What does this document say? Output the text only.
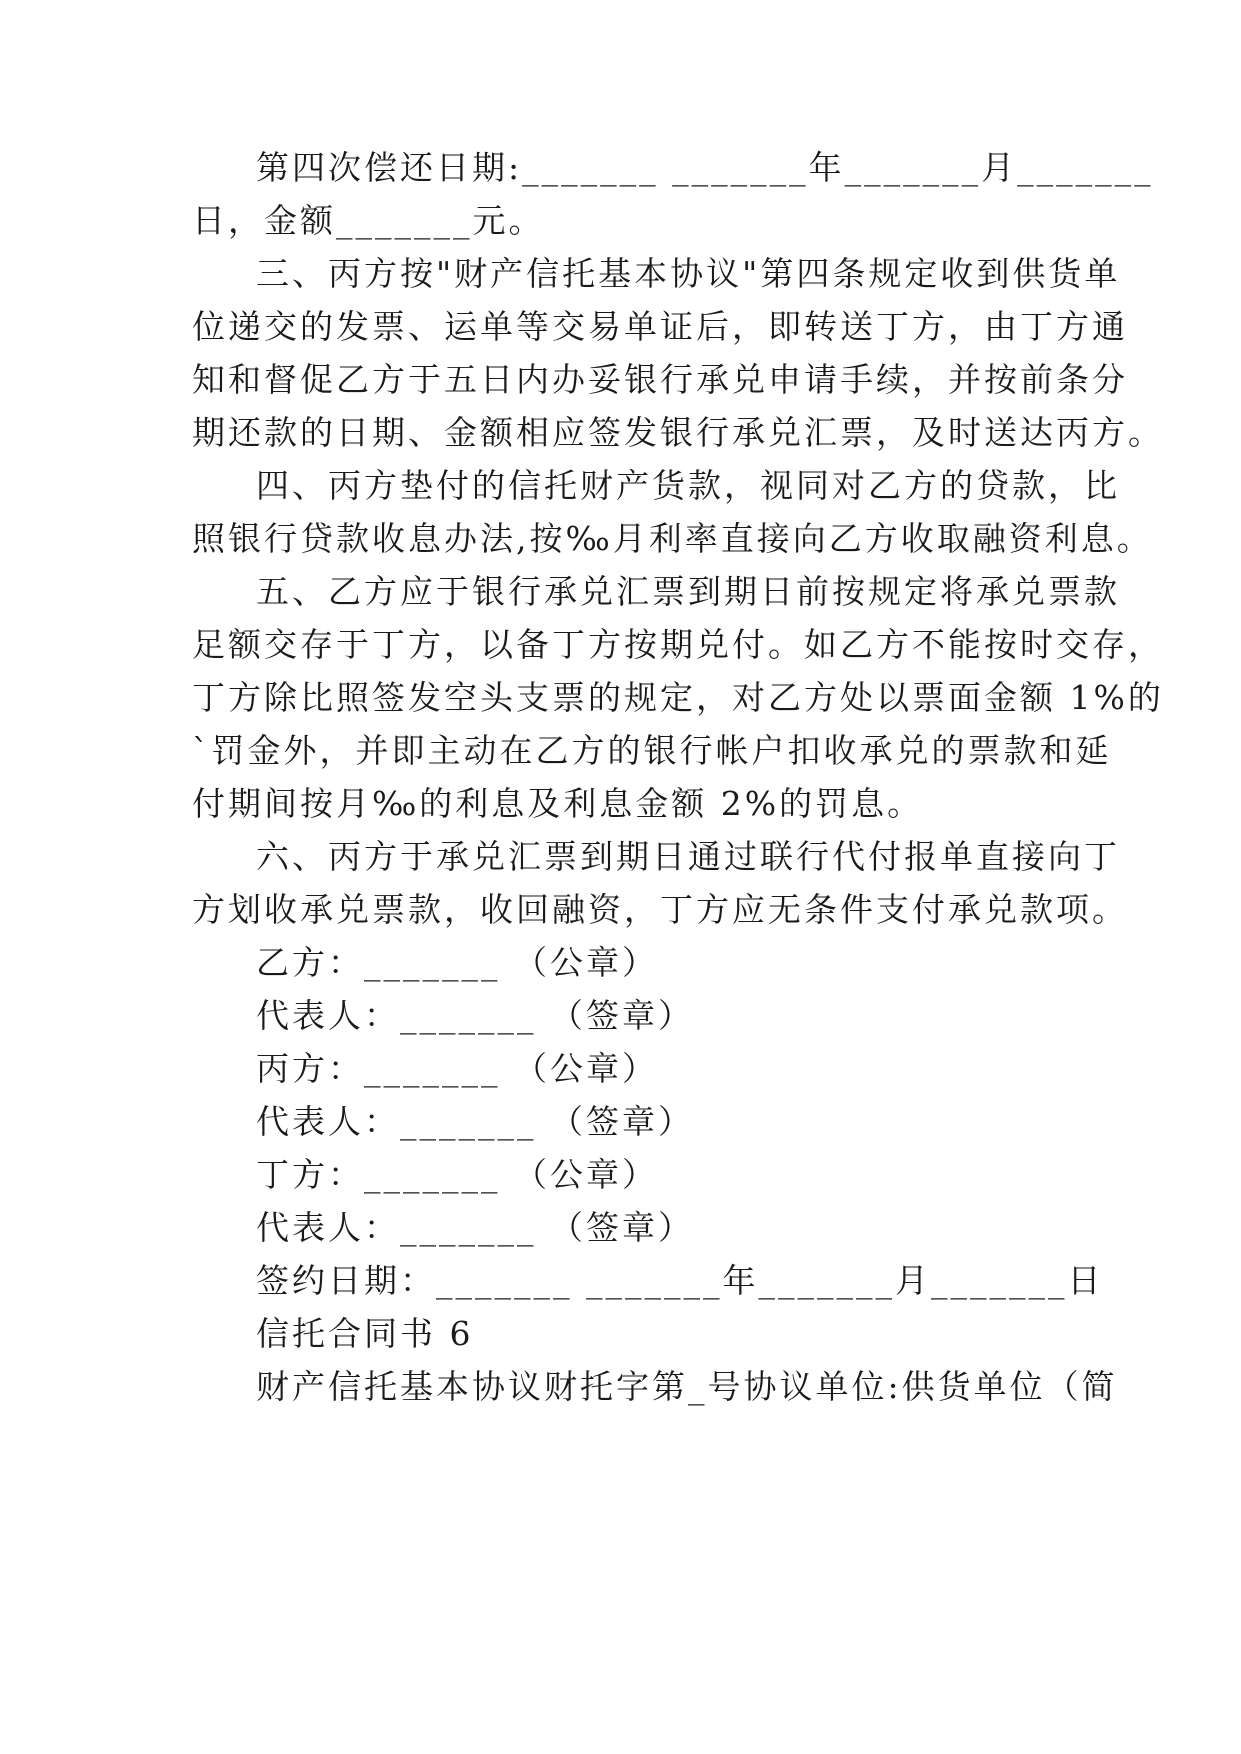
第四次偿还日期:_______ _______年_______月_______
日，金额_______元。
三、丙方按"财产信托基本协议"第四条规定收到供货单
位递交的发票、运单等交易单证后，即转送丁方，由丁方通
知和督促乙方于五日内办妥银行承兑申请手续，并按前条分
期还款的日期、金额相应签发银行承兑汇票，及时送达丙方。
四、丙方垫付的信托财产货款，视同对乙方的贷款，比
照银行贷款收息办法,按‰月利率直接向乙方收取融资利息。
五、乙方应于银行承兑汇票到期日前按规定将承兑票款
足额交存于丁方，以备丁方按期兑付。如乙方不能按时交存，
丁方除比照签发空头支票的规定，对乙方处以票面金额 1%的
`罚金外，并即主动在乙方的银行帐户扣收承兑的票款和延
付期间按月‰的利息及利息金额 2%的罚息。
六、丙方于承兑汇票到期日通过联行代付报单直接向丁
方划收承兑票款，收回融资，丁方应无条件支付承兑款项。
乙方：_______ （公章）
代表人：_______ （签章）
丙方：_______ （公章）
代表人：_______ （签章）
丁方：_______ （公章）
代表人：_______ （签章）
签约日期：_______ _______年_______月_______日
信托合同书 6
财产信托基本协议财托字第_号协议单位:供货单位（简
